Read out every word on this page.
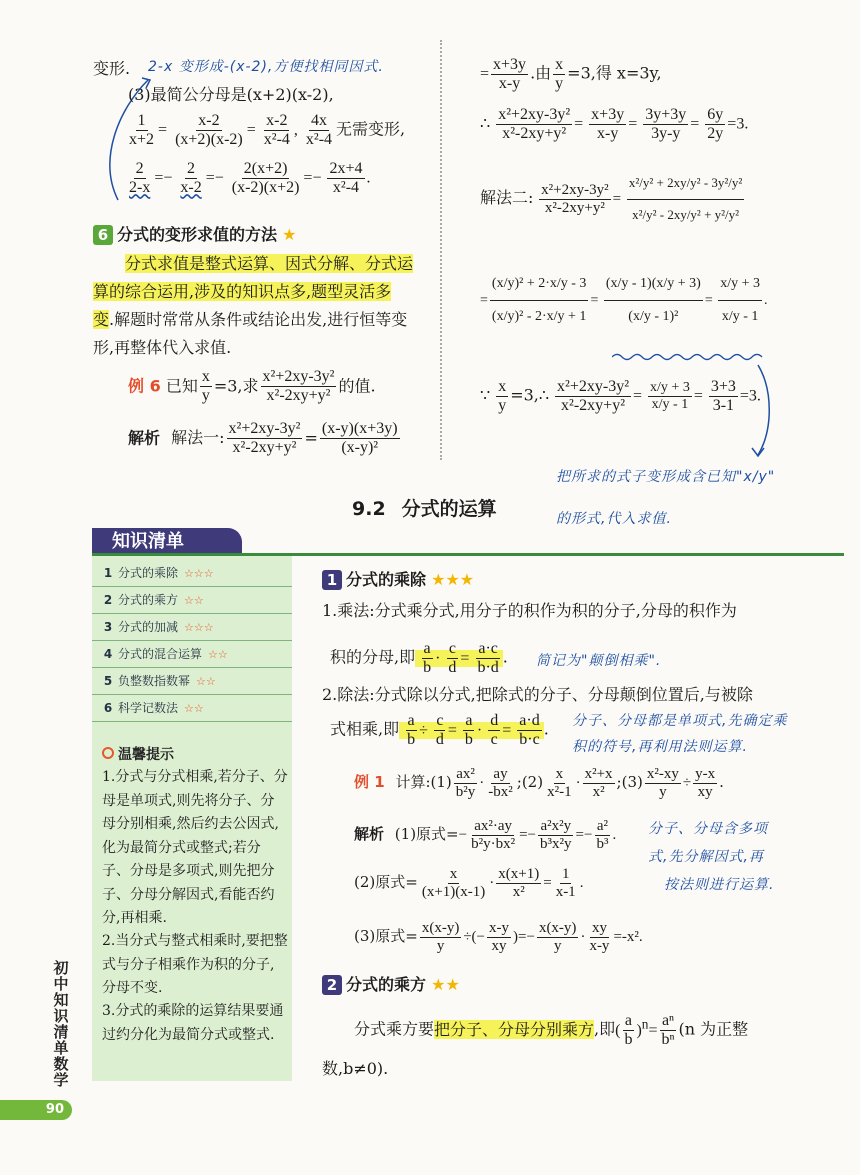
变形. 2-x 变形成-(x-2),方便找相同因式.
(3)最简公分母是(x+2)(x-2),
$\frac{1}{x+2} = \frac{x-2}{(x+2)(x-2)} = \frac{x-2}{\text{x²-4}}$ , $\frac{4x}{\text{x²-4}}$ 无需变形,
$\frac{2}{2-x} =- \frac{2}{x-2} =- \frac{2(x+2)}{(x-2)(x+2)} =- \frac{2x+4}{\text{x²-4}}$ .
6 分式的变形求值的方法 ★
分式求值是整式运算、因式分解、分式运
算的综合运用,涉及的知识点多,题型灵活多
变.解题时常常从条件或结论出发,进行恒等变
形,再整体代入求值.
例 6 已知 $\frac{x}{y} =3$,求 $\frac{\text{x²+2xy-3y²}}{\text{x²-2xy+y²}}$ 的值.
解析 解法一: $\frac{\text{x²+2xy-3y²}}{\text{x²-2xy+y²}} = \frac{(x-y)(x+3y)}{\text{(x-y)²}}$
= $\frac{x+3y}{x-y}$ .由 $\frac{x}{y} =3$,得 x=3y,
∴ $\frac{\text{x²+2xy-3y²}}{\text{x²-2xy+y²}} = \frac{x+3y}{x-y} = \frac{3y+3y}{3y-y} = \frac{6y}{2y} =3$.
解法二: $\frac{\text{x²+2xy-3y²}}{\text{x²-2xy+y²}} = \frac{\text{x²/y² + 2xy/y² - 3y²/y²}}{\text{x²/y² - 2xy/y² + y²/y²}}$
= $\frac{\text{(x/y)² + 2·x/y - 3}}{\text{(x/y)² - 2·x/y + 1}} = \frac{(x/y - 1)(x/y + 3)}{\text{(x/y - 1)²}} = \frac{x/y + 3}{x/y - 1}$ .
∵ $\frac{x}{y}$ =3,∴ $\frac{\text{x²+2xy-3y²}}{\text{x²-2xy+y²}} = \frac{x/y + 3}{x/y - 1} = \frac{3+3}{3-1} =3$.
把所求的式子变形成含已知"x/y"
的形式,代入求值.
9.2 分式的运算
知识清单
1 分式的乘除 ☆☆☆
2 分式的乘方 ☆☆
3 分式的加减 ☆☆☆
4 分式的混合运算 ☆☆
5 负整数指数幂 ☆☆
6 科学记数法 ☆☆
温馨提示
1.分式与分式相乘,若分子、分母是单项式,则先将分子、分母分别相乘,然后约去公因式,化为最简分式或整式;若分子、分母是多项式,则先把分子、分母分解因式,看能否约分,再相乘.
2.当分式与整式相乘时,要把整式与分子相乘作为积的分子,分母不变.
3.分式的乘除的运算结果要通过约分化为最简分式或整式.
初中知识清单 数学
90
1 分式的乘除 ★★★
1.乘法:分式乘分式,用分子的积作为积的分子,分母的积作为
积的分母,即 $\frac{a}{b} \cdot \frac{c}{d} = \frac{a\cdot c}{b\cdot d}$ . 简记为"颠倒相乘".
2.除法:分式除以分式,把除式的分子、分母颠倒位置后,与被除
式相乘,即 $\frac{a}{b} \div \frac{c}{d} = \frac{a}{b} \cdot \frac{d}{c} = \frac{a\cdot d}{b\cdot c}$ . 分子、分母都是单项式,先确定乘
积的符号,再利用法则运算.
例 1 计算:(1) $\frac{\text{ax²}}{\text{b²y}} \cdot \frac{ay}{\text{-bx²}}$ ;(2) $\frac{x}{\text{x²-1}} \cdot \frac{\text{x²+x}}{\text{x²}}$ ;(3) $\frac{\text{x²-xy}}{y} \div \frac{y-x}{xy}$ .
解析 (1)原式=− $\frac{\text{ax²·ay}}{\text{b²y·bx²}} =- \frac{\text{a²x²y}}{\text{b³x²y}} =- \frac{\text{a²}}{\text{b³}}$ . 分子、分母含多项
式,先分解因式,再
按法则进行运算.
(2)原式= $\frac{x}{(x+1)(x-1)} \cdot \frac{x(x+1)}{\text{x²}} = \frac{1}{x-1}$ .
(3)原式= $\frac{x(x-y)}{y}$ ÷(− $\frac{x-y}{xy}$ )=− $\frac{x(x-y)}{y} \cdot \frac{xy}{x-y} =-x^2$.
2 分式的乘方 ★★
分式乘方要把分子、分母分别乘方,即( $\frac{a}{b} )^n= \frac{\text{aⁿ}}{\text{bⁿ}} (n$ 为正整
数,b≠0).
